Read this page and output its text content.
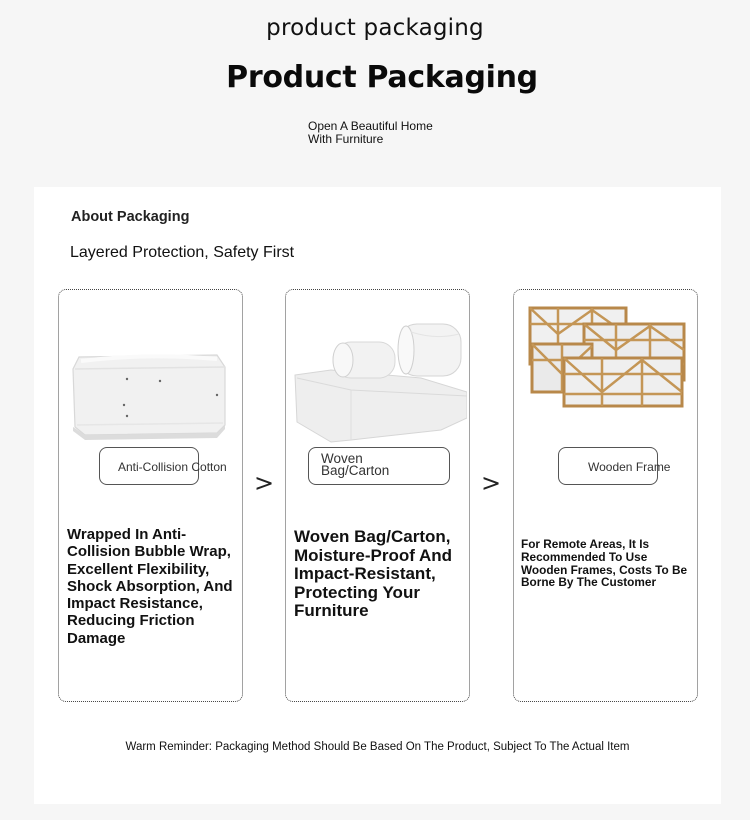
product packaging
Product Packaging
Open A Beautiful Home
With Furniture
About Packaging
Layered Protection, Safety First
Anti-Collision Cotton
Wrapped In Anti-Collision Bubble Wrap, Excellent Flexibility, Shock Absorption, And Impact Resistance, Reducing Friction Damage
>
Woven Bag/Carton
Woven Bag/Carton, Moisture-Proof And Impact-Resistant, Protecting Your Furniture
>
Wooden Frame
For Remote Areas, It Is Recommended To Use Wooden Frames, Costs To Be Borne By The Customer
Warm Reminder: Packaging Method Should Be Based On The Product, Subject To The Actual Item
